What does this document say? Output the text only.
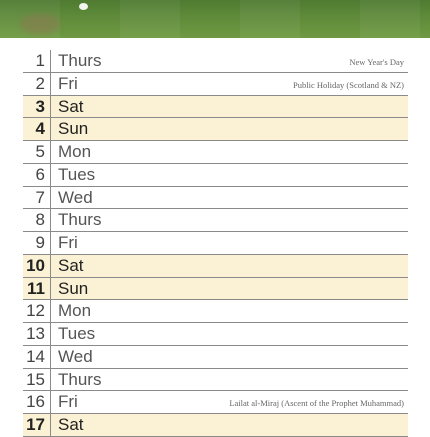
1 Thurs	New Year's Day
2 Fri	Public Holiday (Scotland & NZ)
3 Sat
4 Sun
5 Mon
6 Tues
7 Wed
8 Thurs
9 Fri
10 Sat
11 Sun
12 Mon
13 Tues
14 Wed
15 Thurs
16 Fri	Lailat al-Miraj (Ascent of the Prophet Muhammad)
17 Sat
